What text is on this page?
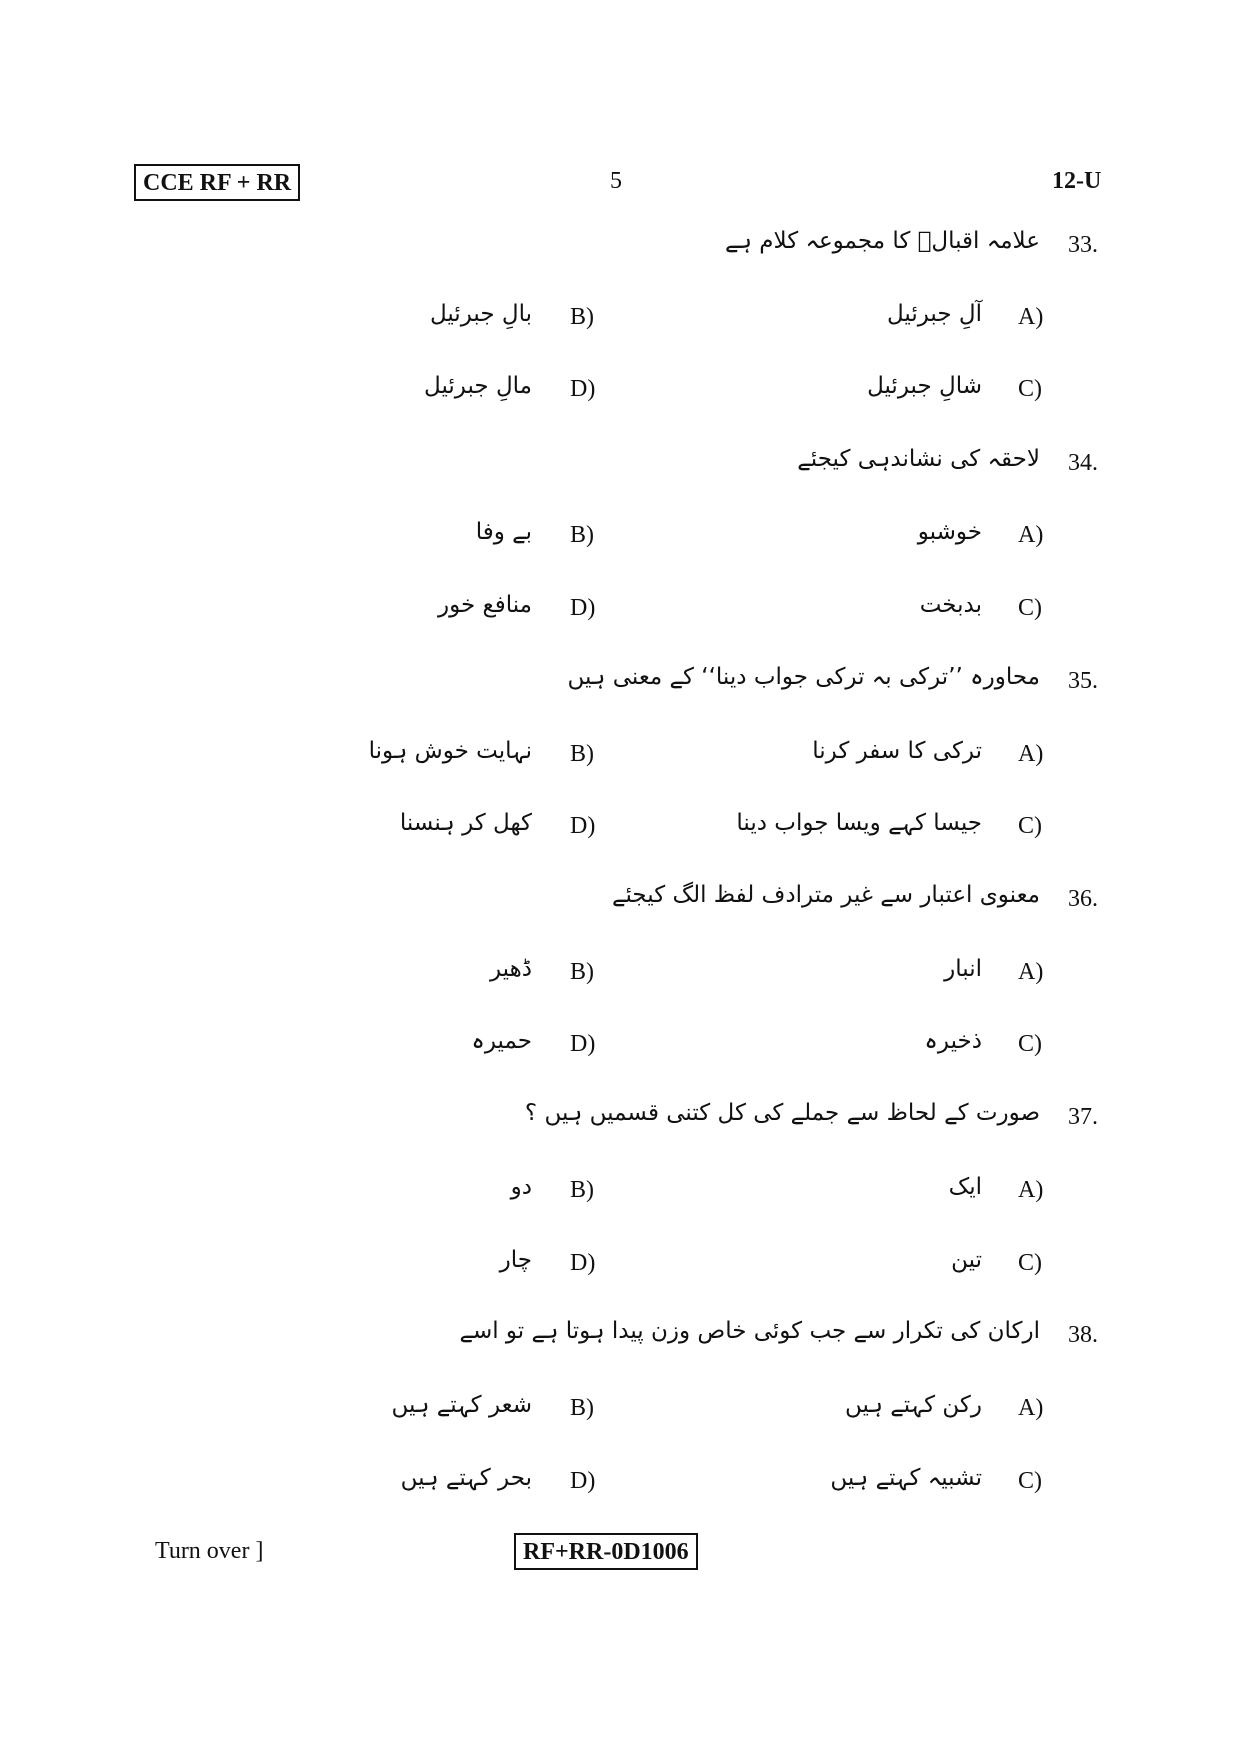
CCE RF + RR	5	12-U
33.
علامہ اقبالؔ کا مجموعہ کلام ہے
A)
آلِ جبرئیل
B)
بالِ جبرئیل
C)
شالِ جبرئیل
D)
مالِ جبرئیل
34.
لاحقہ کی نشاندہی کیجئے
A)
خوشبو
B)
بے وفا
C)
بدبخت
D)
منافع خور
35.
محاورہ ’’ترکی بہ ترکی جواب دینا‘‘ کے معنی ہیں
A)
ترکی کا سفر کرنا
B)
نہایت خوش ہونا
C)
جیسا کہے ویسا جواب دینا
D)
کھل کر ہنسنا
36.
معنوی اعتبار سے غیر مترادف لفظ الگ کیجئے
A)
انبار
B)
ڈھیر
C)
ذخیرہ
D)
حمیرہ
37.
صورت کے لحاظ سے جملے کی کل کتنی قسمیں ہیں ؟
A)
ایک
B)
دو
C)
تین
D)
چار
38.
ارکان کی تکرار سے جب کوئی خاص وزن پیدا ہوتا ہے تو اسے
A)
رکن کہتے ہیں
B)
شعر کہتے ہیں
C)
تشبیہ کہتے ہیں
D)
بحر کہتے ہیں
Turn over ]	RF+RR-0D1006
